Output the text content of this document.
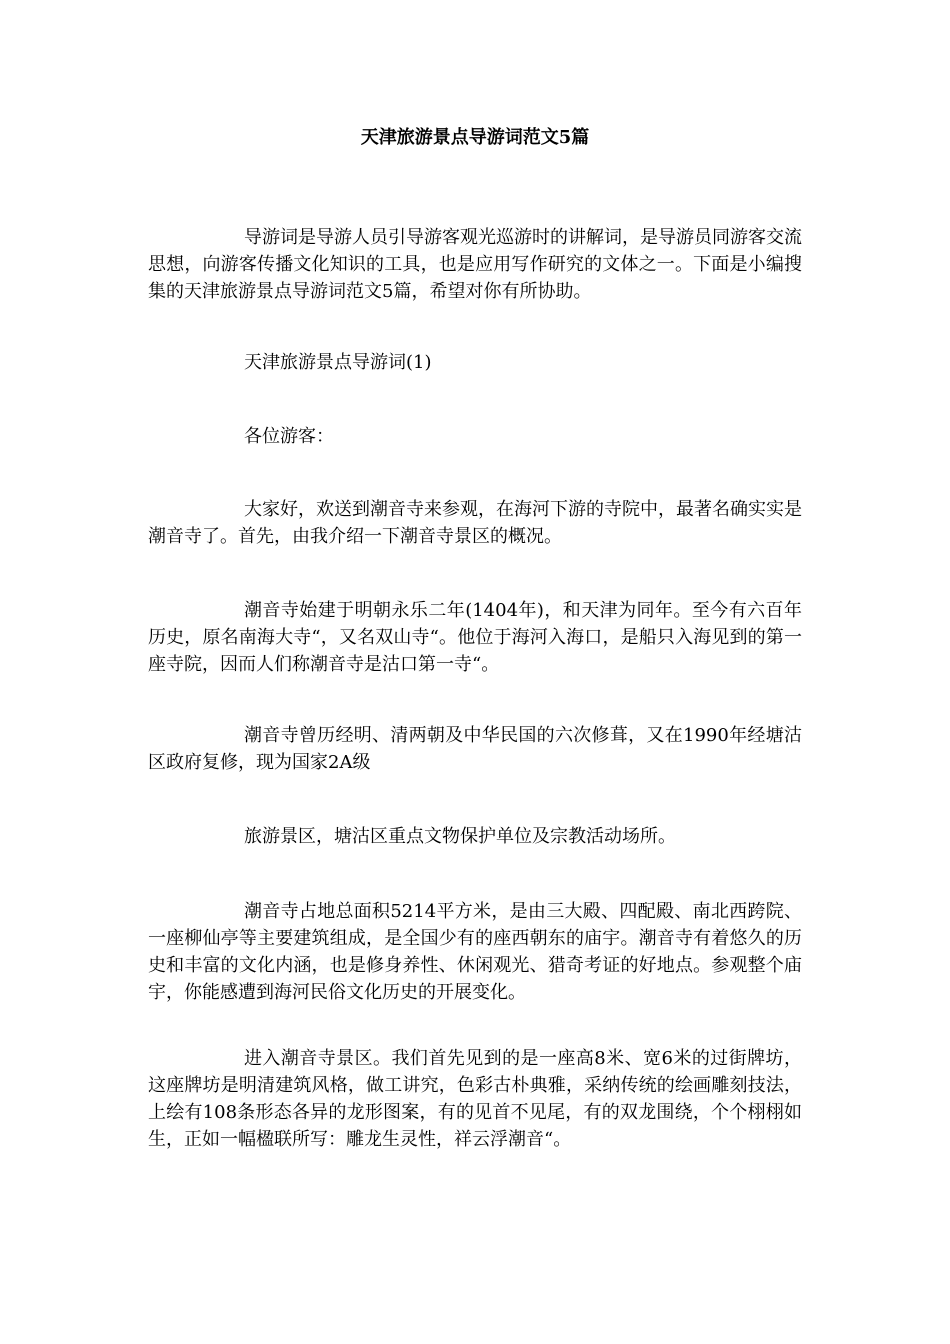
天津旅游景点导游词范文5篇

导游词是导游人员引导游客观光巡游时的讲解词，是导游员同游客交流思想，向游客传播文化知识的工具，也是应用写作研究的文体之一。下面是小编搜集的天津旅游景点导游词范文5篇，希望对你有所协助。

天津旅游景点导游词(1)

各位游客：

大家好，欢送到潮音寺来参观，在海河下游的寺院中，最著名确实实是潮音寺了。首先，由我介绍一下潮音寺景区的概况。

潮音寺始建于明朝永乐二年(1404年)，和天津为同年。至今有六百年历史，原名南海大寺“，又名双山寺“。他位于海河入海口，是船只入海见到的第一座寺院，因而人们称潮音寺是沽口第一寺“。

潮音寺曾历经明、清两朝及中华民国的六次修葺，又在1990年经塘沽区政府复修，现为国家2A级

旅游景区，塘沽区重点文物保护单位及宗教活动场所。

潮音寺占地总面积5214平方米，是由三大殿、四配殿、南北西跨院、一座柳仙亭等主要建筑组成，是全国少有的座西朝东的庙宇。潮音寺有着悠久的历史和丰富的文化内涵，也是修身养性、休闲观光、猎奇考证的好地点。参观整个庙宇，你能感遭到海河民俗文化历史的开展变化。

进入潮音寺景区。我们首先见到的是一座高8米、宽6米的过街牌坊，这座牌坊是明清建筑风格，做工讲究，色彩古朴典雅，采纳传统的绘画雕刻技法，上绘有108条形态各异的龙形图案，有的见首不见尾，有的双龙围绕，个个栩栩如生，正如一幅楹联所写：雕龙生灵性，祥云浮潮音“。
